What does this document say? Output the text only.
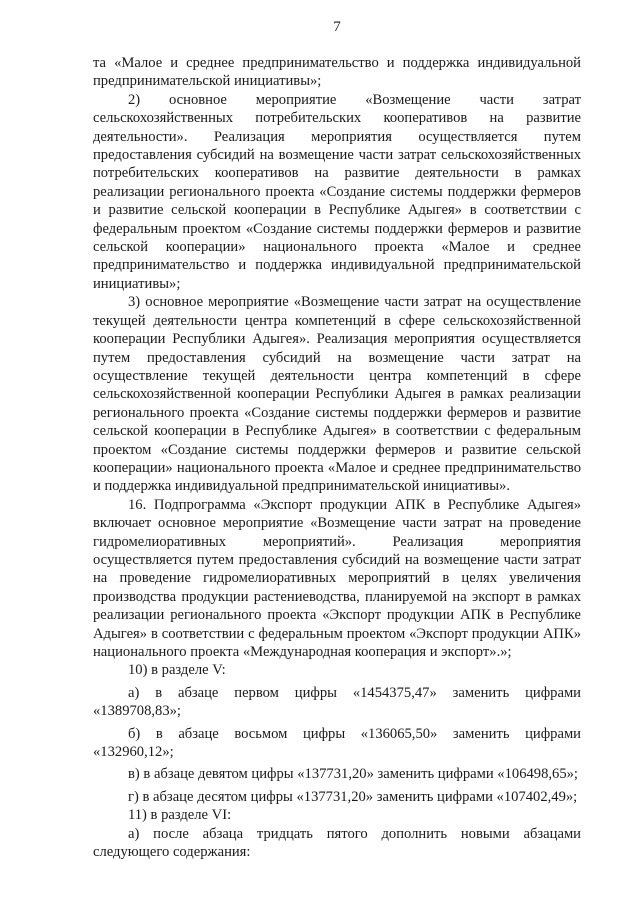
7

та «Малое и среднее предпринимательство и поддержка индивидуальной предпринимательской инициативы»;

2) основное мероприятие «Возмещение части затрат сельскохозяйственных потребительских кооперативов на развитие деятельности». Реализация мероприятия осуществляется путем предоставления субсидий на возмещение части затрат сельскохозяйственных потребительских кооперативов на развитие деятельности в рамках реализации регионального проекта «Создание системы поддержки фермеров и развитие сельской кооперации в Республике Адыгея» в соответствии с федеральным проектом «Создание системы поддержки фермеров и развитие сельской кооперации» национального проекта «Малое и среднее предпринимательство и поддержка индивидуальной предпринимательской инициативы»;

3) основное мероприятие «Возмещение части затрат на осуществление текущей деятельности центра компетенций в сфере сельскохозяйственной кооперации Республики Адыгея». Реализация мероприятия осуществляется путем предоставления субсидий на возмещение части затрат на осуществление текущей деятельности центра компетенций в сфере сельскохозяйственной кооперации Республики Адыгея в рамках реализации регионального проекта «Создание системы поддержки фермеров и развитие сельской кооперации в Республике Адыгея» в соответствии с федеральным проектом «Создание системы поддержки фермеров и развитие сельской кооперации» национального проекта «Малое и среднее предпринимательство и поддержка индивидуальной предпринимательской инициативы».

16. Подпрограмма «Экспорт продукции АПК в Республике Адыгея» включает основное мероприятие «Возмещение части затрат на проведение гидромелиоративных мероприятий». Реализация мероприятия осуществляется путем предоставления субсидий на возмещение части затрат на проведение гидромелиоративных мероприятий в целях увеличения производства продукции растениеводства, планируемой на экспорт в рамках реализации регионального проекта «Экспорт продукции АПК в Республике Адыгея» в соответствии с федеральным проектом «Экспорт продукции АПК» национального проекта «Международная кооперация и экспорт».»;

10) в разделе V:

а) в абзаце первом цифры «1454375,47» заменить цифрами «1389708,83»;

б) в абзаце восьмом цифры «136065,50» заменить цифрами «132960,12»;

в) в абзаце девятом цифры «137731,20» заменить цифрами «106498,65»;

г) в абзаце десятом цифры «137731,20» заменить цифрами «107402,49»;

11) в разделе VI:

а) после абзаца тридцать пятого дополнить новыми абзацами следующего содержания:
